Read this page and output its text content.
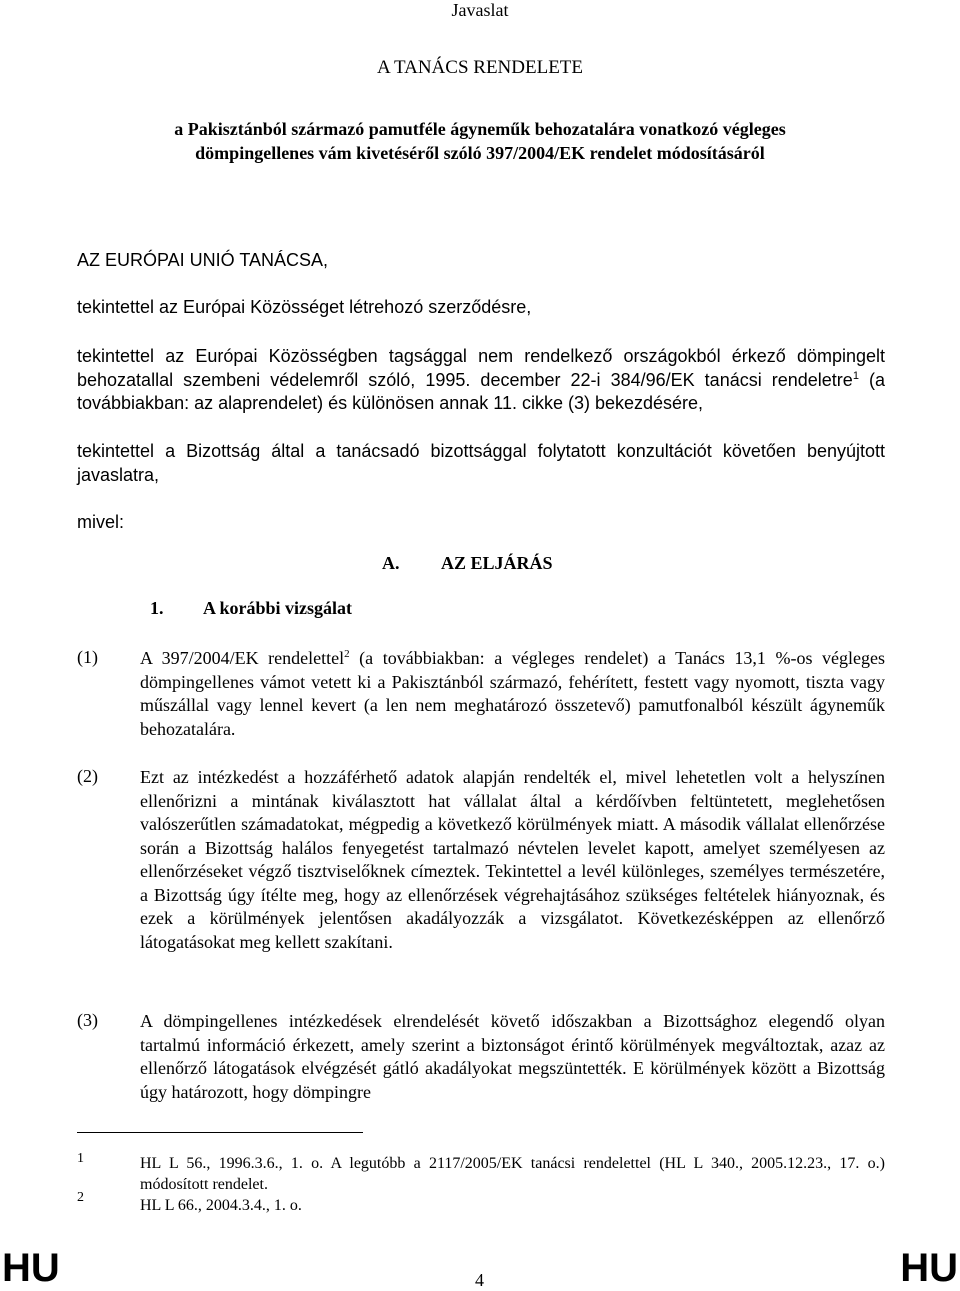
Javaslat
A TANÁCS RENDELETE
a Pakisztánból származó pamutféle ágyneműk behozatalára vonatkozó végleges
dömpingellenes vám kivetéséről szóló 397/2004/EK rendelet módosításáról
AZ EURÓPAI UNIÓ TANÁCSA,
tekintettel az Európai Közösséget létrehozó szerződésre,
tekintettel az Európai Közösségben tagsággal nem rendelkező országokból érkező dömpingelt behozatallal szembeni védelemről szóló, 1995. december 22-i 384/96/EK tanácsi rendeletre$^1$ (a továbbiakban: az alaprendelet) és különösen annak 11. cikke (3) bekezdésére,
tekintettel a Bizottság által a tanácsadó bizottsággal folytatott konzultációt követően benyújtott javaslatra,
mivel:
A. AZ ELJÁRÁS
1. A korábbi vizsgálat
(1) A 397/2004/EK rendelettel$^2$ (a továbbiakban: a végleges rendelet) a Tanács 13,1 %-os végleges dömpingellenes vámot vetett ki a Pakisztánból származó, fehérített, festett vagy nyomott, tiszta vagy műszállal vagy lennel kevert (a len nem meghatározó összetevő) pamutfonalból készült ágyneműk behozatalára.
(2) Ezt az intézkedést a hozzáférhető adatok alapján rendelték el, mivel lehetetlen volt a helyszínen ellenőrizni a mintának kiválasztott hat vállalat által a kérdőívben feltüntetett, meglehetősen valószerűtlen számadatokat, mégpedig a következő körülmények miatt. A második vállalat ellenőrzése során a Bizottság halálos fenyegetést tartalmazó névtelen levelet kapott, amelyet személyesen az ellenőrzéseket végző tisztviselőknek címeztek. Tekintettel a levél különleges, személyes természetére, a Bizottság úgy ítélte meg, hogy az ellenőrzések végrehajtásához szükséges feltételek hiányoznak, és ezek a körülmények jelentősen akadályozzák a vizsgálatot. Következésképpen az ellenőrző látogatásokat meg kellett szakítani.
(3) A dömpingellenes intézkedések elrendelését követő időszakban a Bizottsághoz elegendő olyan tartalmú információ érkezett, amely szerint a biztonságot érintő körülmények megváltoztak, azaz az ellenőrző látogatások elvégzését gátló akadályokat megszüntették. E körülmények között a Bizottság úgy határozott, hogy dömpingre
1	HL L 56., 1996.3.6., 1. o. A legutóbb a 2117/2005/EK tanácsi rendelettel (HL L 340., 2005.12.23., 17. o.) módosított rendelet.
2	HL L 66., 2004.3.4., 1. o.
HU	4	HU
